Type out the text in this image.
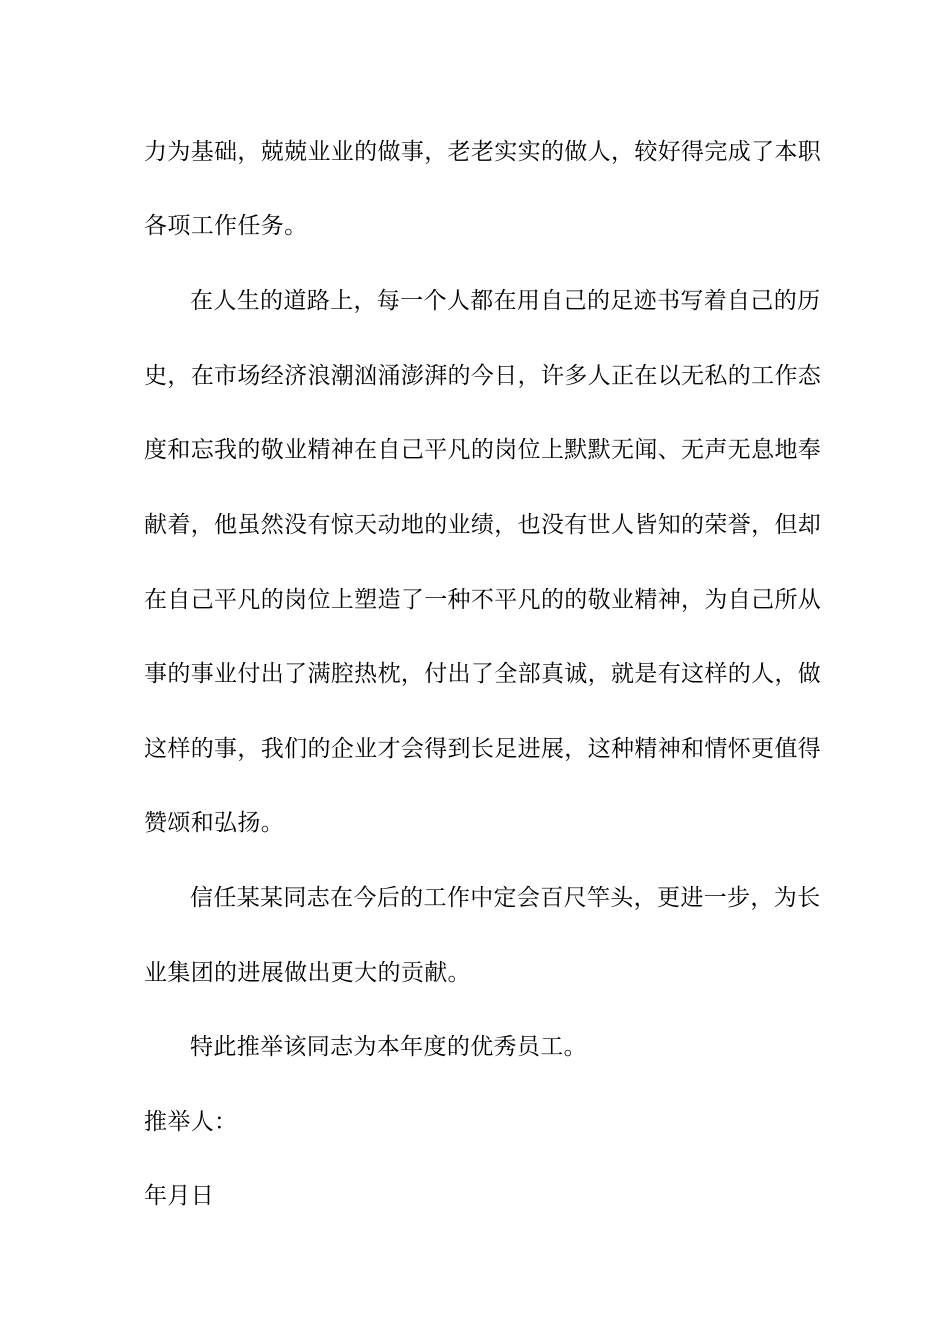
力为基础，兢兢业业的做事，老老实实的做人，较好得完成了本职
各项工作任务。
在人生的道路上，每一个人都在用自己的足迹书写着自己的历
史，在市场经济浪潮汹涌澎湃的今日，许多人正在以无私的工作态
度和忘我的敬业精神在自己平凡的岗位上默默无闻、无声无息地奉
献着，他虽然没有惊天动地的业绩，也没有世人皆知的荣誉，但却
在自己平凡的岗位上塑造了一种不平凡的的敬业精神，为自己所从
事的事业付出了满腔热枕，付出了全部真诚，就是有这样的人，做
这样的事，我们的企业才会得到长足进展，这种精神和情怀更值得
赞颂和弘扬。
信任某某同志在今后的工作中定会百尺竿头，更进一步，为长
业集团的进展做出更大的贡献。
特此推举该同志为本年度的优秀员工。
推举人：
年月日
